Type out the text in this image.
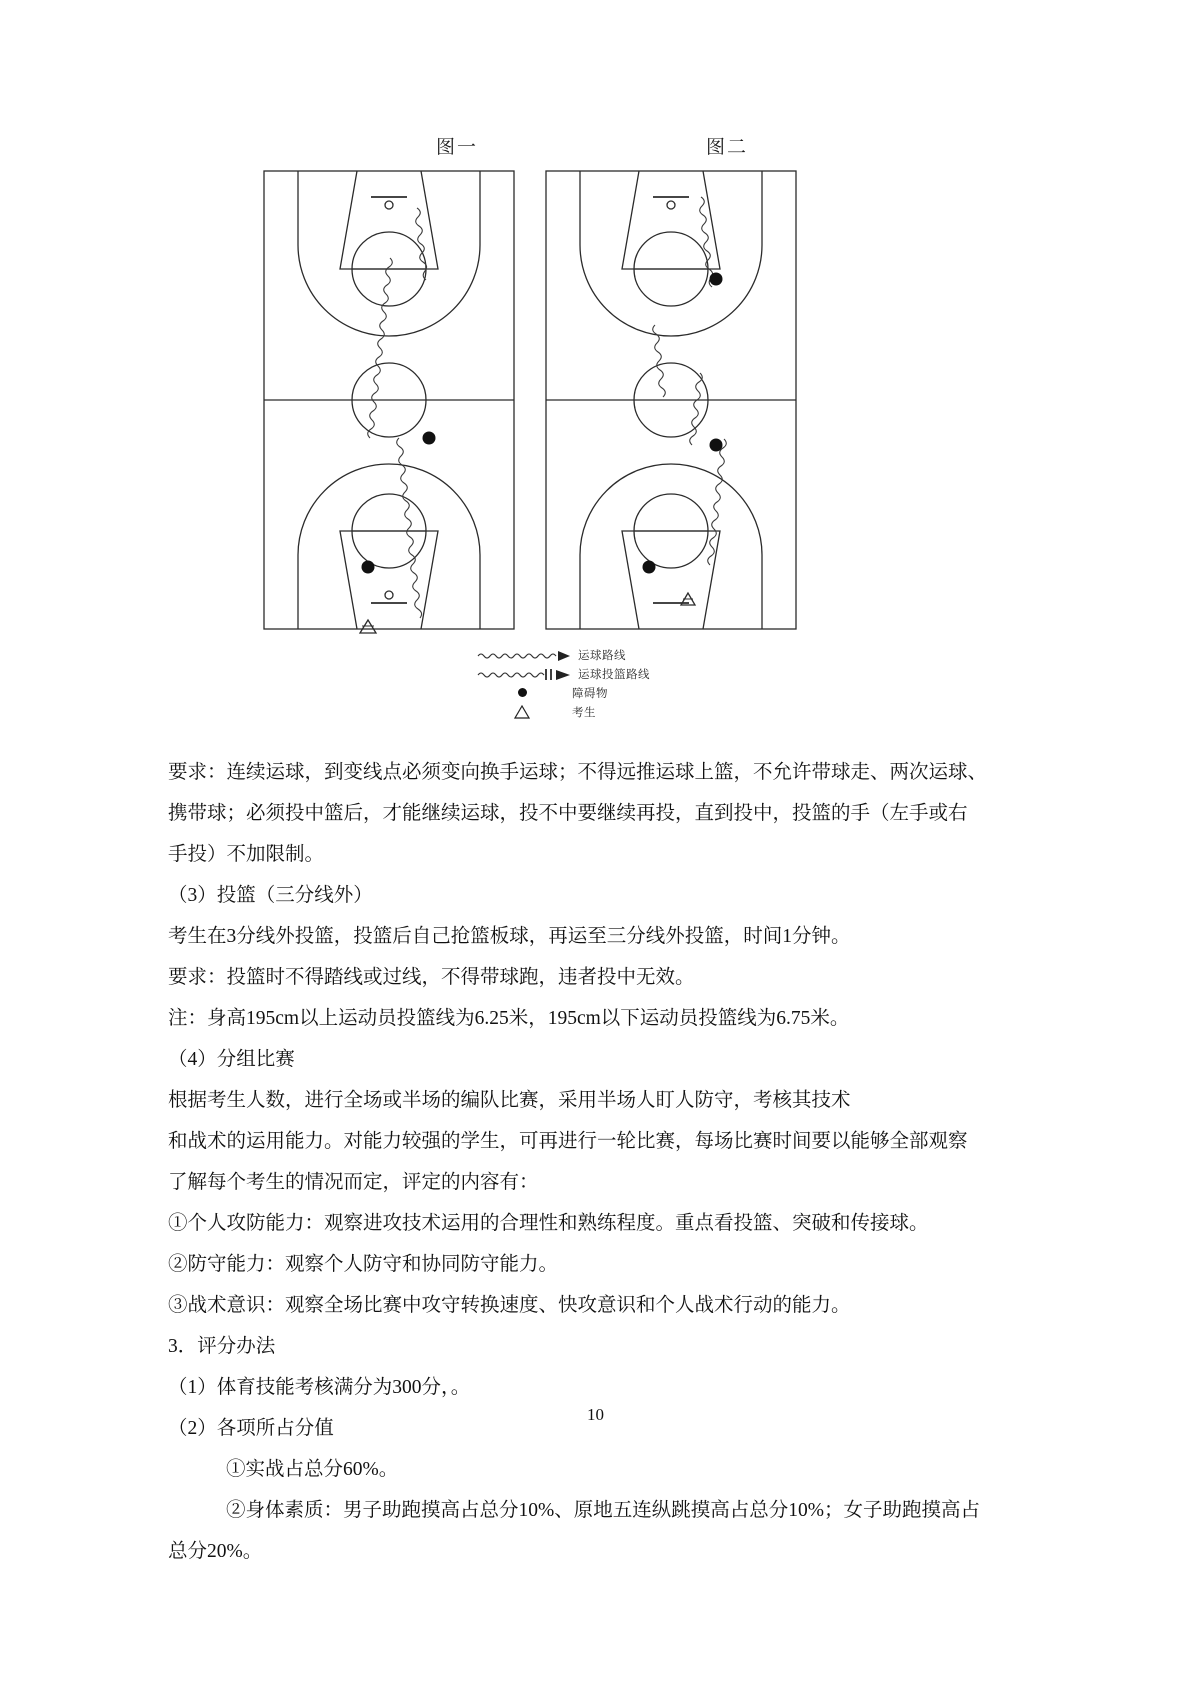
图一	图二
运球路线
运球投篮路线
障碍物
考生

要求：连续运球，到变线点必须变向换手运球；不得远推运球上篮，不允许带球走、两次运球、

携带球；必须投中篮后，才能继续运球，投不中要继续再投，直到投中，投篮的手（左手或右

手投）不加限制。

（3）投篮（三分线外）

考生在3分线外投篮，投篮后自己抢篮板球，再运至三分线外投篮，时间1分钟。

要求：投篮时不得踏线或过线，不得带球跑，违者投中无效。

注：身高195cm以上运动员投篮线为6.25米，195cm以下运动员投篮线为6.75米。

（4）分组比赛

根据考生人数，进行全场或半场的编队比赛，采用半场人盯人防守，考核其技术

和战术的运用能力。对能力较强的学生，可再进行一轮比赛，每场比赛时间要以能够全部观察

了解每个考生的情况而定，评定的内容有：

①个人攻防能力：观察进攻技术运用的合理性和熟练程度。重点看投篮、突破和传接球。

②防守能力：观察个人防守和协同防守能力。

③战术意识：观察全场比赛中攻守转换速度、快攻意识和个人战术行动的能力。

3．评分办法

（1）体育技能考核满分为300分，。

（2）各项所占分值

①实战占总分60%。

②身体素质：男子助跑摸高占总分10%、原地五连纵跳摸高占总分10%；女子助跑摸高占

总分20%。

10
